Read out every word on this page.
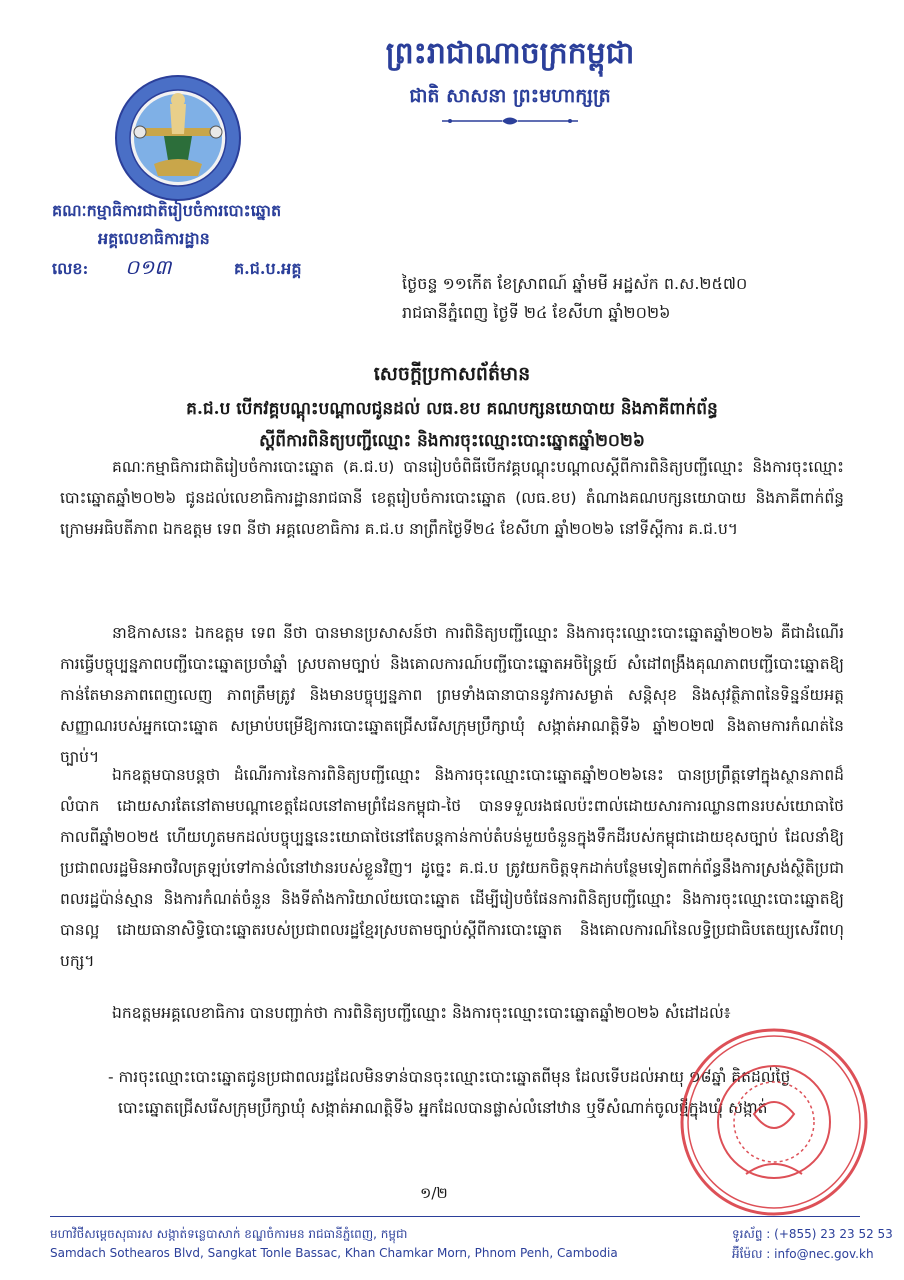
ព្រះរាជាណាចក្រកម្ពុជា
ជាតិ សាសនា ព្រះមហាក្សត្រ
គណៈកម្មាធិការជាតិរៀបចំការបោះឆ្នោត
អគ្គលេខាធិការដ្ឋាន
លេខ: ០១៣	គ.ជ.ប.អគ្គ
ថ្ងៃចន្ទ ១១កើត ខែស្រាពណ៍ ឆ្នាំមមី អដ្ឋស័ក ព.ស.២៥៧០
រាជធានីភ្នំពេញ ថ្ងៃទី ២៤ ខែសីហា ឆ្នាំ២០២៦
សេចក្តីប្រកាសព័ត៌មាន
គ.ជ.ប បើកវគ្គបណ្តុះបណ្តាលជូនដល់ លធ.ខប គណបក្សនយោបាយ និងភាគីពាក់ព័ន្ធ
ស្តីពីការពិនិត្យបញ្ជីឈ្មោះ និងការចុះឈ្មោះបោះឆ្នោតឆ្នាំ២០២៦
គណៈកម្មាធិការជាតិរៀបចំការបោះឆ្នោត (គ.ជ.ប) បានរៀបចំពិធីបើកវគ្គបណ្តុះបណ្តាលស្តីពីការពិនិត្យបញ្ជីឈ្មោះ និងការចុះឈ្មោះបោះឆ្នោតឆ្នាំ២០២៦ ជូនដល់លេខាធិការដ្ឋានរាជធានី ខេត្តរៀបចំការបោះឆ្នោត (លធ.ខប) តំណាងគណបក្សនយោបាយ និងភាគីពាក់ព័ន្ធ ក្រោមអធិបតីភាព ឯកឧត្តម ទេព នីថា អគ្គលេខាធិការ គ.ជ.ប នាព្រឹកថ្ងៃទី២៤ ខែសីហា ឆ្នាំ២០២៦ នៅទីស្តីការ គ.ជ.ប។
នាឱកាសនេះ ឯកឧត្តម ទេព នីថា បានមានប្រសាសន៍ថា ការពិនិត្យបញ្ជីឈ្មោះ និងការចុះឈ្មោះបោះឆ្នោតឆ្នាំ២០២៦ គឺជាដំណើរការធ្វើបច្ចុប្បន្នភាពបញ្ជីបោះឆ្នោតប្រចាំឆ្នាំ ស្របតាមច្បាប់ និងគោលការណ៍បញ្ជីបោះឆ្នោតអចិន្ត្រៃយ៍ សំដៅពង្រឹងគុណភាពបញ្ជីបោះឆ្នោតឱ្យកាន់តែមានភាពពេញលេញ ភាពត្រឹមត្រូវ និងមានបច្ចុប្បន្នភាព ព្រមទាំងធានាបាននូវការសម្ងាត់ សន្តិសុខ និងសុវត្ថិភាពនៃទិន្នន័យអត្តសញ្ញាណរបស់អ្នកបោះឆ្នោត សម្រាប់បម្រើឱ្យការបោះឆ្នោតជ្រើសរើសក្រុមប្រឹក្សាឃុំ សង្កាត់អាណត្តិទី៦ ឆ្នាំ២០២៧ និងតាមការកំណត់នៃច្បាប់។
ឯកឧត្តមបានបន្តថា ដំណើរការនៃការពិនិត្យបញ្ជីឈ្មោះ និងការចុះឈ្មោះបោះឆ្នោតឆ្នាំ២០២៦នេះ បានប្រព្រឹត្តទៅក្នុងស្ថានភាពដ៏លំបាក ដោយសារតែនៅតាមបណ្តាខេត្តដែលនៅតាមព្រំដែនកម្ពុជា-ថៃ បានទទួលរងផលប៉ះពាល់ដោយសារការឈ្លានពានរបស់យោធាថៃកាលពីឆ្នាំ២០២៥ ហើយហូតមកដល់បច្ចុប្បន្ននេះយោធាថៃនៅតែបន្តកាន់កាប់តំបន់មួយចំនួនក្នុងទឹកដីរបស់កម្ពុជាដោយខុសច្បាប់ ដែលនាំឱ្យប្រជាពលរដ្ឋមិនអាចវិលត្រឡប់ទៅកាន់លំនៅឋានរបស់ខ្លួនវិញ។ ដូច្នេះ គ.ជ.ប ត្រូវយកចិត្តទុកដាក់បន្ថែមទៀតពាក់ព័ន្ធនឹងការស្រង់ស្ថិតិប្រជាពលរដ្ឋប៉ាន់ស្មាន និងការកំណត់ចំនួន និងទីតាំងការិយាល័យបោះឆ្នោត ដើម្បីរៀបចំផែនការពិនិត្យបញ្ជីឈ្មោះ និងការចុះឈ្មោះបោះឆ្នោតឱ្យបានល្អ ដោយធានាសិទ្ធិបោះឆ្នោតរបស់ប្រជាពលរដ្ឋខ្មែរស្របតាមច្បាប់ស្តីពីការបោះឆ្នោត និងគោលការណ៍នៃលទ្ធិប្រជាធិបតេយ្យសេរីពហុបក្ស។
ឯកឧត្តមអគ្គលេខាធិការ បានបញ្ជាក់ថា ការពិនិត្យបញ្ជីឈ្មោះ និងការចុះឈ្មោះបោះឆ្នោតឆ្នាំ២០២៦ សំដៅដល់៖
- ការចុះឈ្មោះបោះឆ្នោតជូនប្រជាពលរដ្ឋដែលមិនទាន់បានចុះឈ្មោះបោះឆ្នោតពីមុន ដែលទើបដល់អាយុ ១៨ឆ្នាំ គិតដល់ថ្ងៃបោះឆ្នោតជ្រើសរើសក្រុមប្រឹក្សាឃុំ សង្កាត់អាណត្តិទី៦ អ្នកដែលបានផ្លាស់លំនៅឋាន ឬទីសំណាក់ចូលថ្មីក្នុងឃុំ សង្កាត់
១/២
មហាវិថីសម្តេចសុធារស សង្កាត់ទន្លេបាសាក់ ខណ្ឌចំការមន រាជធានីភ្នំពេញ, កម្ពុជា
Samdach Sothearos Blvd, Sangkat Tonle Bassac, Khan Chamkar Morn, Phnom Penh, Cambodia
ទូរស័ព្ទ : (+855) 23 23 52 53
អ៊ីម៉ែល : info@nec.gov.kh
